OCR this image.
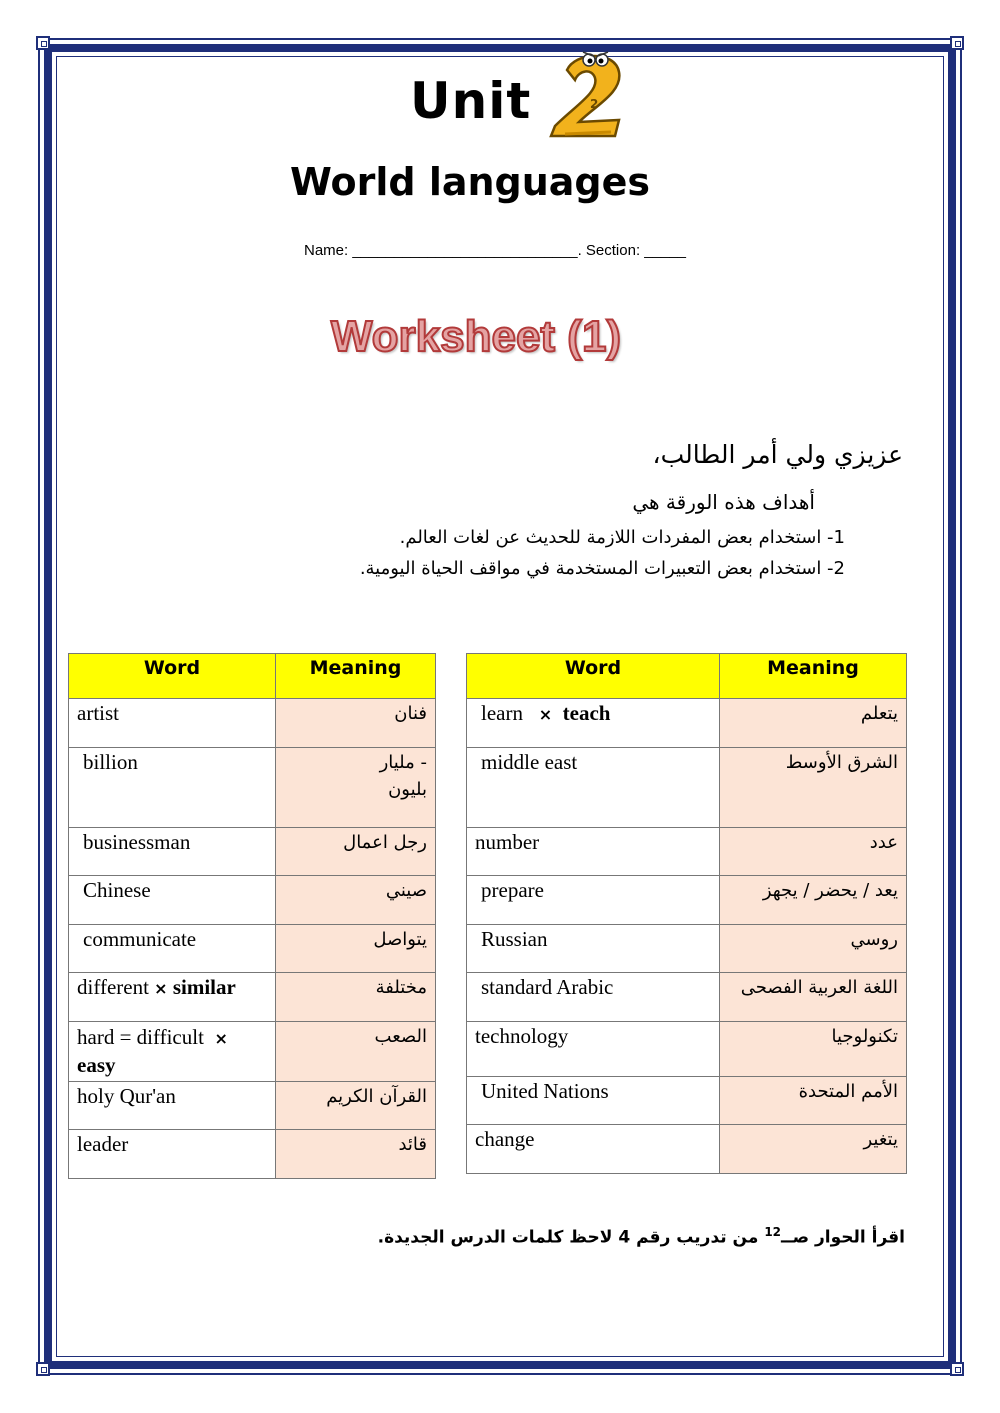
Unit	2
World languages
Name: ___________________________. Section: _____
Worksheet (1)
عزيزي ولي أمر الطالب،
أهداف هذه الورقة هي
1- استخدام بعض المفردات اللازمة للحديث عن لغات العالم.
2- استخدام بعض التعبيرات المستخدمة في مواقف الحياة اليومية.
Word	Meaning
artist	فنان
billion	- مليار
بليون

businessman	رجل اعمال
Chinese	صيني
communicate	يتواصل
different × similar	مختلفة
hard = difficult ×
easy	الصعب
holy Qur'an	القرآن الكريم
leader	قائد
Word	Meaning
learn × teach	يتعلم
middle east	الشرق الأوسط
number	عدد
prepare	يعد / يحضر / يجهز
Russian	روسي
standard Arabic	اللغة العربية الفصحى
technology	تكنولوجيا
United Nations	الأمم المتحدة
change	يتغير
اقرأ الحوار صــ$^{12}$ من تدريب رقم 4 لاحظ كلمات الدرس الجديدة.
